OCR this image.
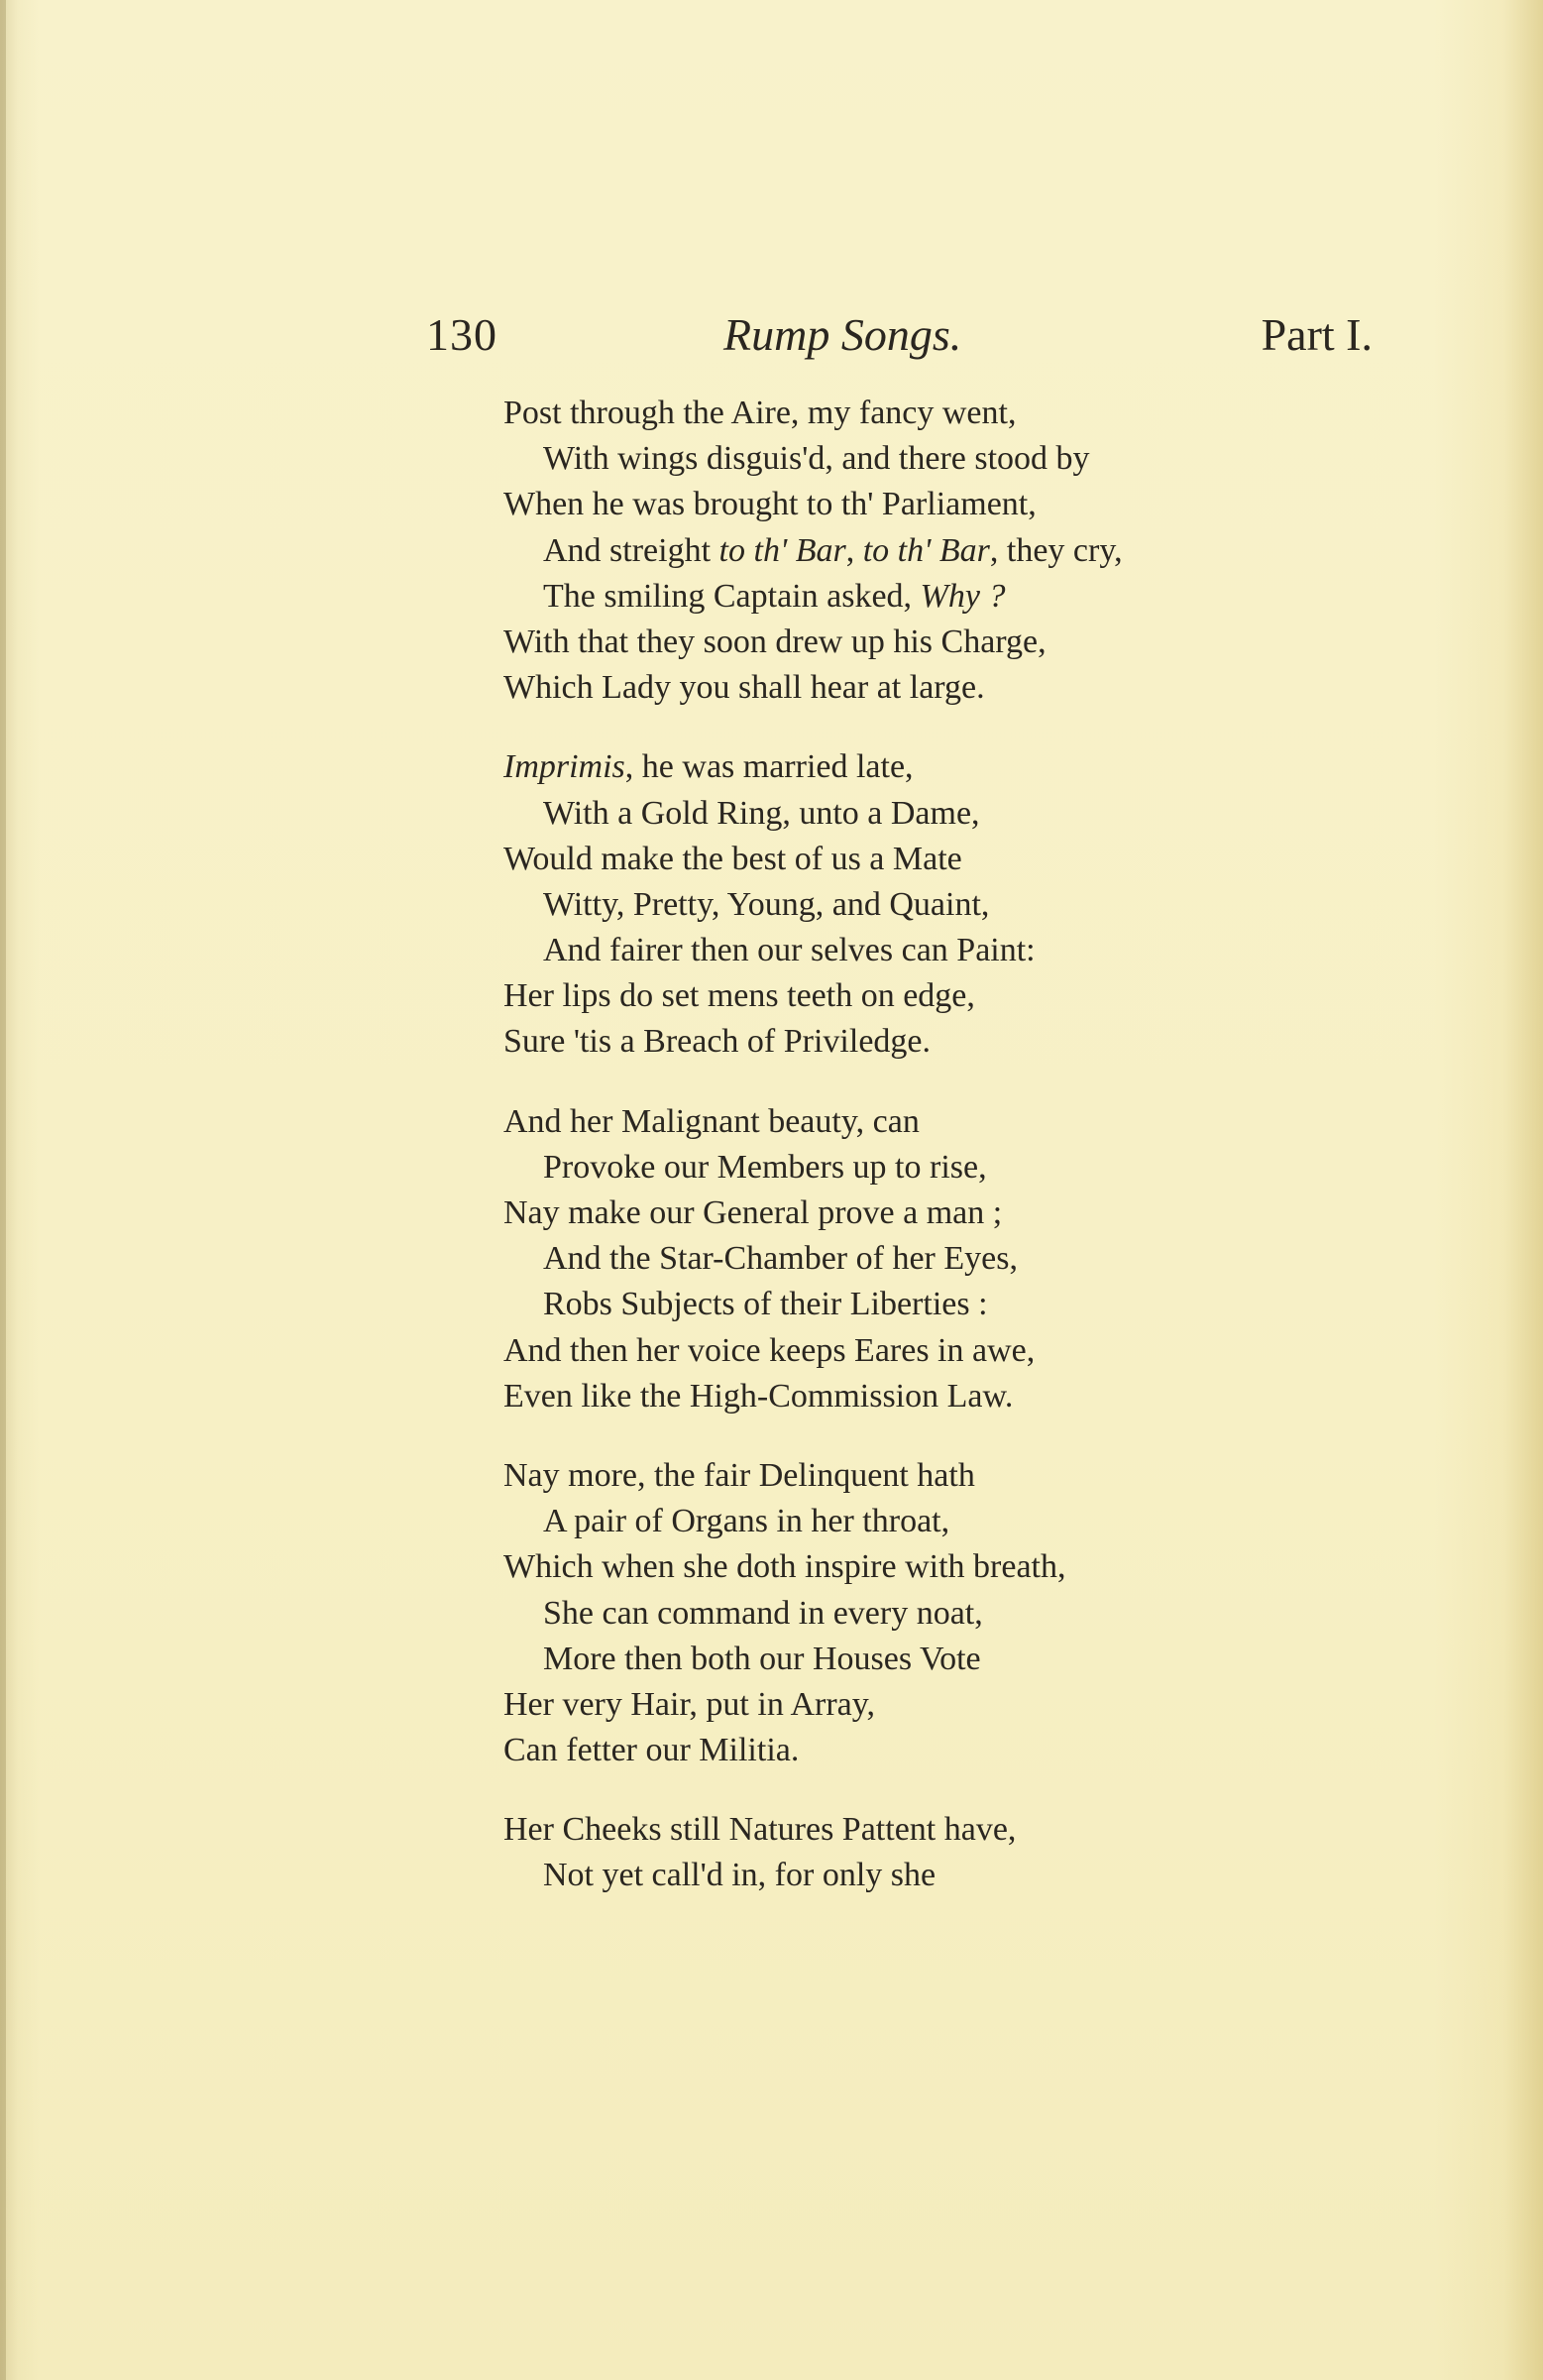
130	Rump Songs.	Part I.
Post through the Aire, my fancy went,
With wings disguis'd, and there stood by
When he was brought to th' Parliament,
And streight to th' Bar, to th' Bar, they cry,
The smiling Captain asked, Why ?
With that they soon drew up his Charge,
Which Lady you shall hear at large.
Imprimis, he was married late,
With a Gold Ring, unto a Dame,
Would make the best of us a Mate
Witty, Pretty, Young, and Quaint,
And fairer then our selves can Paint:
Her lips do set mens teeth on edge,
Sure 'tis a Breach of Priviledge.
And her Malignant beauty, can
Provoke our Members up to rise,
Nay make our General prove a man ;
And the Star-Chamber of her Eyes,
Robs Subjects of their Liberties :
And then her voice keeps Eares in awe,
Even like the High-Commission Law.
Nay more, the fair Delinquent hath
A pair of Organs in her throat,
Which when she doth inspire with breath,
She can command in every noat,
More then both our Houses Vote
Her very Hair, put in Array,
Can fetter our Militia.
Her Cheeks still Natures Pattent have,
Not yet call'd in, for only she
